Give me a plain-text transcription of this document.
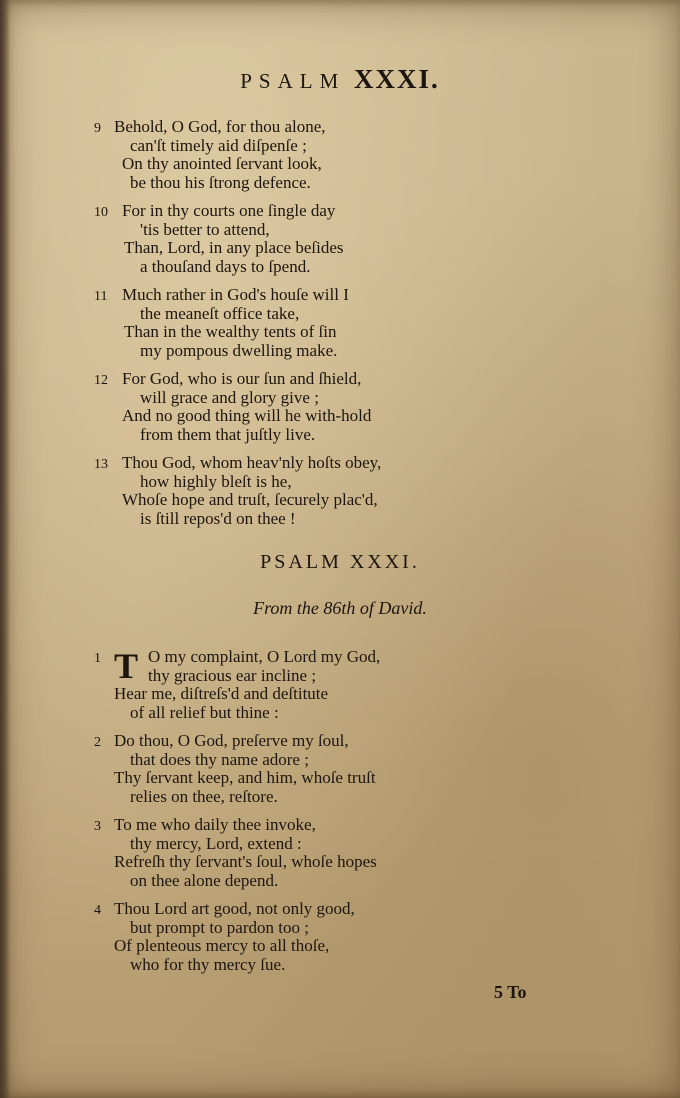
PSALM XXXI.
9 Behold, O God, for thou alone,
can'ſt timely aid diſpenſe ;
On thy anointed ſervant look,
be thou his ſtrong defence.
10 For in thy courts one ſingle day
'tis better to attend,
Than, Lord, in any place beſides
a thouſand days to ſpend.
11 Much rather in God's houſe will I
the meaneſt office take,
Than in the wealthy tents of ſin
my pompous dwelling make.
12 For God, who is our ſun and ſhield,
will grace and glory give ;
And no good thing will he with-hold
from them that juſtly live.
13 Thou God, whom heav'nly hoſts obey,
how highly bleſt is he,
Whoſe hope and truſt, ſecurely plac'd,
is ſtill repos'd on thee !
PSALM XXXI.
From the 86th of David.
1 T O my complaint, O Lord my God,
thy gracious ear incline ;
Hear me, diſtreſs'd and deſtitute
of all relief but thine :
2 Do thou, O God, preſerve my ſoul,
that does thy name adore ;
Thy ſervant keep, and him, whoſe truſt
relies on thee, reſtore.
3 To me who daily thee invoke,
thy mercy, Lord, extend :
Refreſh thy ſervant's ſoul, whoſe hopes
on thee alone depend.
4 Thou Lord art good, not only good,
but prompt to pardon too ;
Of plenteous mercy to all thoſe,
who for thy mercy ſue.
5 To
